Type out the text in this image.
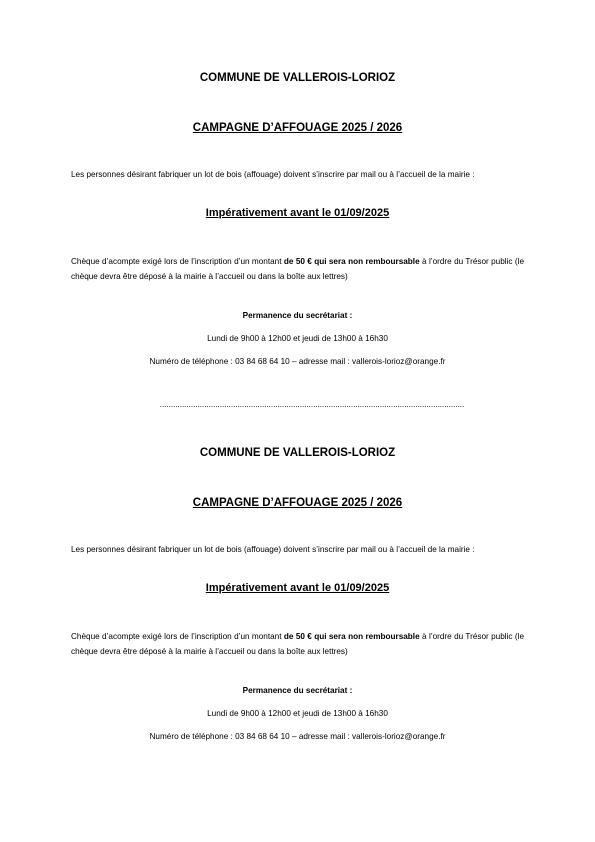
COMMUNE DE VALLEROIS-LORIOZ
CAMPAGNE D’AFFOUAGE 2025 / 2026
Les personnes désirant fabriquer un lot de bois (affouage) doivent s’inscrire par mail ou à l’accueil de la mairie :
Impérativement avant le 01/09/2025
Chèque d’acompte exigé lors de l’inscription d’un montant de 50 € qui sera non remboursable à l’ordre du Trésor public (le chèque devra être déposé à la mairie à l’accueil ou dans la boîte aux lettres)
Permanence du secrétariat :
Lundi de 9h00 à 12h00 et jeudi de 13h00 à 16h30
Numéro de téléphone : 03 84 68 64 10 – adresse mail : vallerois-lorioz@orange.fr
.........................................................................................................................................
COMMUNE DE VALLEROIS-LORIOZ
CAMPAGNE D’AFFOUAGE 2025 / 2026
Les personnes désirant fabriquer un lot de bois (affouage) doivent s’inscrire par mail ou à l’accueil de la mairie :
Impérativement avant le 01/09/2025
Chèque d’acompte exigé lors de l’inscription d’un montant de 50 € qui sera non remboursable à l’ordre du Trésor public (le chèque devra être déposé à la mairie à l’accueil ou dans la boîte aux lettres)
Permanence du secrétariat :
Lundi de 9h00 à 12h00 et jeudi de 13h00 à 16h30
Numéro de téléphone : 03 84 68 64 10 – adresse mail : vallerois-lorioz@orange.fr
